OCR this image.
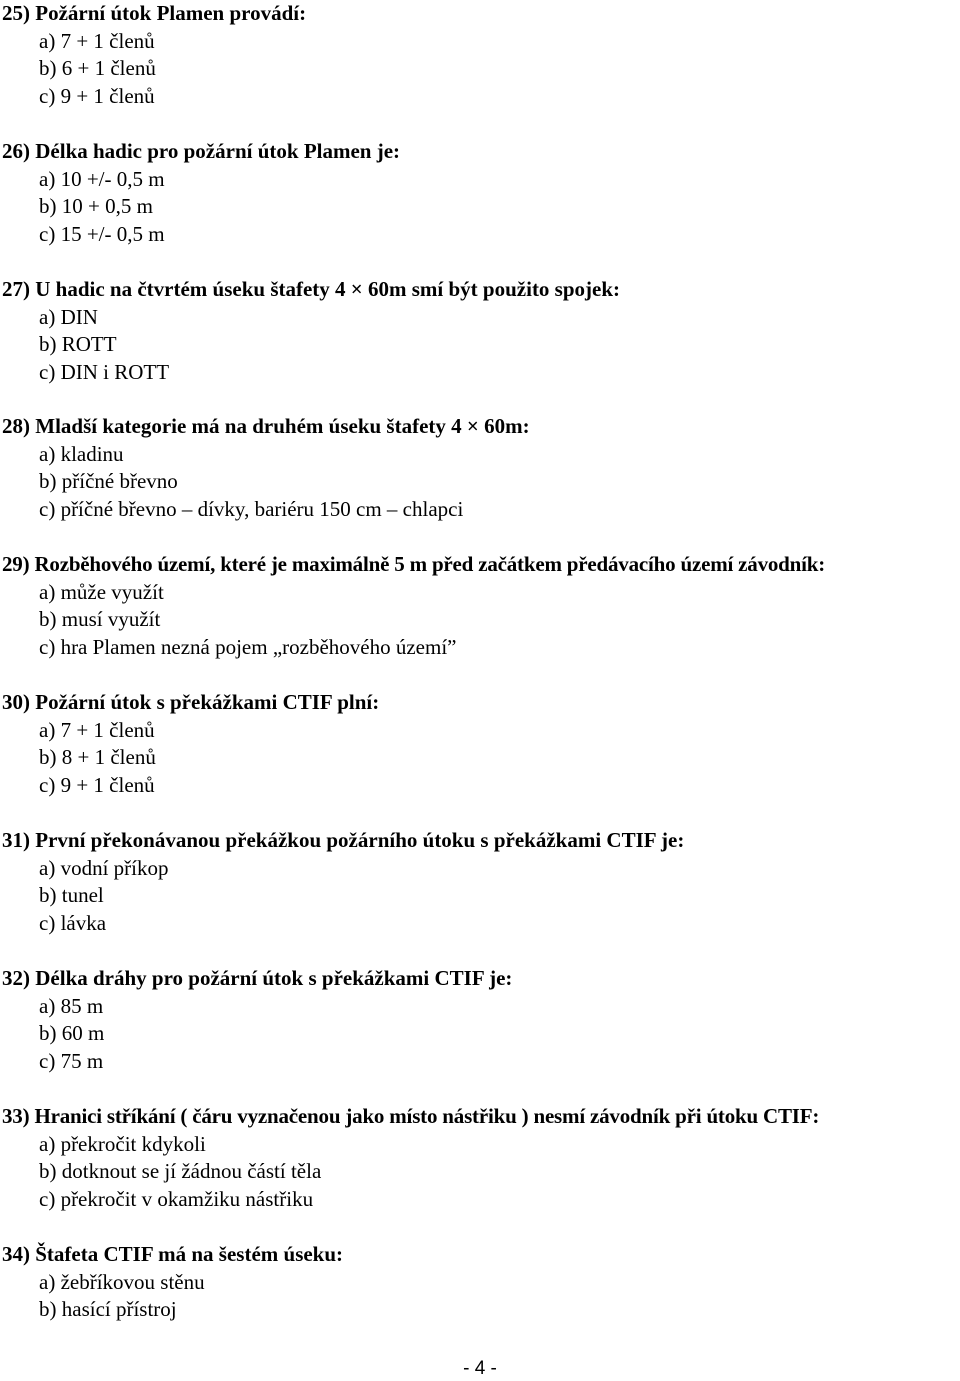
25) Požární útok Plamen provádí:
a) 7 + 1 členů
b) 6 + 1 členů
c) 9 + 1 členů
26) Délka hadic pro požární útok Plamen je:
a) 10 +/- 0,5 m
b) 10 + 0,5 m
c) 15 +/- 0,5 m
27) U hadic na čtvrtém úseku štafety 4 × 60m smí být použito spojek:
a) DIN
b) ROTT
c) DIN i ROTT
28) Mladší kategorie má na druhém úseku štafety 4 × 60m:
a) kladinu
b) příčné břevno
c) příčné břevno – dívky, bariéru 150 cm – chlapci
29) Rozběhového území, které je maximálně 5 m před začátkem předávacího území závodník:
a) může využít
b) musí využít
c) hra Plamen nezná pojem „rozběhového území”
30) Požární útok s překážkami CTIF plní:
a) 7 + 1 členů
b) 8 + 1 členů
c) 9 + 1 členů
31) První překonávanou překážkou požárního útoku s překážkami CTIF je:
a) vodní příkop
b) tunel
c) lávka
32) Délka dráhy pro požární útok s překážkami CTIF je:
a) 85 m
b) 60 m
c) 75 m
33) Hranici stříkání ( čáru vyznačenou jako místo nástřiku ) nesmí závodník při útoku CTIF:
a) překročit kdykoli
b) dotknout se jí žádnou částí těla
c) překročit v okamžiku nástřiku
34) Štafeta CTIF má na šestém úseku:
a) žebříkovou stěnu
b) hasící přístroj
- 4 -
